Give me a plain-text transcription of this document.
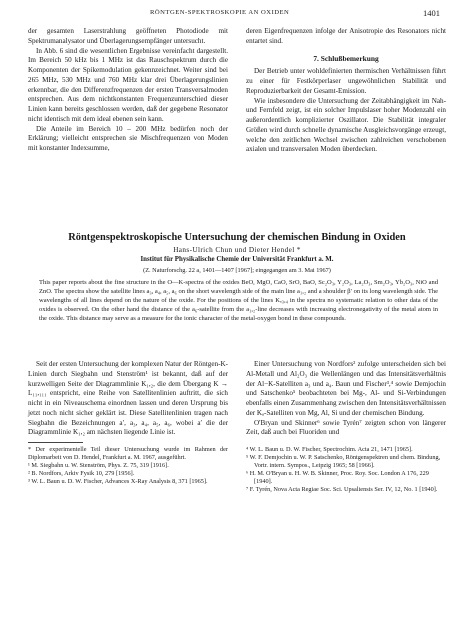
RÖNTGEN-SPEKTROSKOPIE AN OXIDEN	1401

der gesamten Laserstrahlung geöffneten Photodiode mit Spektrumanalysator und Überlagerungsempfänger untersucht.

In Abb. 6 sind die wesentlichen Ergebnisse vereinfacht dargestellt. Im Bereich 50 kHz bis 1 MHz ist das Rauschspektrum durch die Komponenten der Spikemodulation gekennzeichnet. Weiter sind bei 265 MHz, 530 MHz und 760 MHz klar drei Überlagerungslinien erkennbar, die den Differenzfrequenzen der ersten Transversalmoden entsprechen. Aus dem nichtkonstanten Frequenzunterschied dieser Linien kann bereits geschlossen werden, daß der gegebene Resonator nicht identisch mit dem ideal ebenen sein kann.

Die Anteile im Bereich 10 – 200 MHz bedürfen noch der Erklärung; vielleicht entsprechen sie Mischfrequenzen von Moden mit konstanter Indexsumme,

deren Eigenfrequenzen infolge der Anisotropie des Resonators nicht entartet sind.

7. Schlußbemerkung

Der Betrieb unter wohldefinierten thermischen Verhältnissen führt zu einer für Festkörperlaser ungewöhnlichen Stabilität und Reproduzierbarkeit der Gesamt-Emission.

Wie insbesondere die Untersuchung der Zeitabhängigkeit im Nah- und Fernfeld zeigt, ist ein solcher Impulslaser hoher Modenzahl ein außerordentlich komplizierter Oszillator. Die Stabilität integraler Größen wird durch schnelle dynamische Ausgleichsvorgänge erzeugt, welche den zeitlichen Wechsel zwischen zahlreichen verschobenen axialen und transversalen Moden überdecken.

Röntgenspektroskopische Untersuchung der chemischen Bindung in Oxiden
Hans-Ulrich Chun und Dieter Hendel *
Institut für Physikalische Chemie der Universität Frankfurt a. M.
(Z. Naturforschg. 22 a, 1401—1407 [1967]; eingegangen am 3. Mai 1967)
This paper reports about the fine structure in the O—K-spectra of the oxides BeO, MgO, CaO, SrO, BaO, Sc₂O₃, Y₂O₃, La₂O₃, Sm₂O₃, Yb₂O₃, NiO and ZnO. The spectra show the satellite lines a₃, a₄, a₅, a₆ on the short wavelength side of the main line a₁,₂ and a shoulder β′ on its long wavelength side. The wavelengths of all lines depend on the nature of the oxide. For the positions of the lines Kₐ₃,₄ in the spectra no systematic relation to other data of the oxides is observed. On the other hand the distance of the a₆-satellite from the a₁,₂-line decreases with increasing electronegativity of the metal atom in the oxide. This distance may serve as a measure for the ionic character of the metal-oxygen bond in these compounds.

Seit der ersten Untersuchung der komplexen Natur der Röntgen-K-Linien durch Siegbahn und Stenström¹ ist bekannt, daß auf der kurzwelligen Seite der Diagrammlinie K₁,₂, die dem Übergang K → L₁₁,₁₁₁ entspricht, eine Reihe von Satellitenlinien auftritt, die sich nicht in ein Niveauschema einordnen lassen und deren Ursprung bis jetzt noch nicht sicher geklärt ist. Diese Satellitenlinien tragen nach Siegbahn die Bezeichnungen a′, a₃, a₄, a₅, a₆, wobei a′ die der Diagrammlinie K₁,₂ am nächsten liegende Linie ist.

* Der experimentelle Teil dieser Untersuchung wurde im Rahmen der Diplomarbeit von D. Hendel, Frankfurt a. M. 1967, ausgeführt.
¹ M. Siegbahn u. W. Stenström, Phys. Z. 75, 319 [1916].
² B. Nordfors, Arkiv Fysik 10, 279 [1956].
³ W. L. Baun u. D. W. Fischer, Advances X-Ray Analysis 8, 371 [1965].

Einer Untersuchung von Nordfors² zufolge unterscheiden sich bei Al-Metall und Al₂O₃ die Wellenlängen und das Intensitätsverhältnis der Al−K-Satelliten a₃ und a₄. Baun und Fischer³,⁴ sowie Demjochin und Satschenko⁵ beobachteten bei Mg-, Al- und Si-Verbindungen ebenfalls einen Zusammenhang zwischen den Intensitätsverhältnissen der Kₐ-Satelliten von Mg, Al, Si und der chemischen Bindung.

O'Bryan und Skinner⁶ sowie Tyrén⁷ zeigten schon von längerer Zeit, daß auch bei Fluoriden und

⁴ W. L. Baun u. D. W. Fischer, Spectrochim. Acta 21, 1471 [1965].
⁵ W. F. Demjochin u. W. P. Satschenko, Röntgenspektren und chem. Bindung, Vortr. intern. Sympos., Leipzig 1965; 58 [1966].
⁶ H. M. O'Bryan u. H. W. B. Skinner, Proc. Roy. Soc. London A 176, 229 [1940].
⁷ F. Tyrén, Nova Acta Regiae Soc. Sci. Upsaliensis Ser. IV, 12, No. 1 [1940].
